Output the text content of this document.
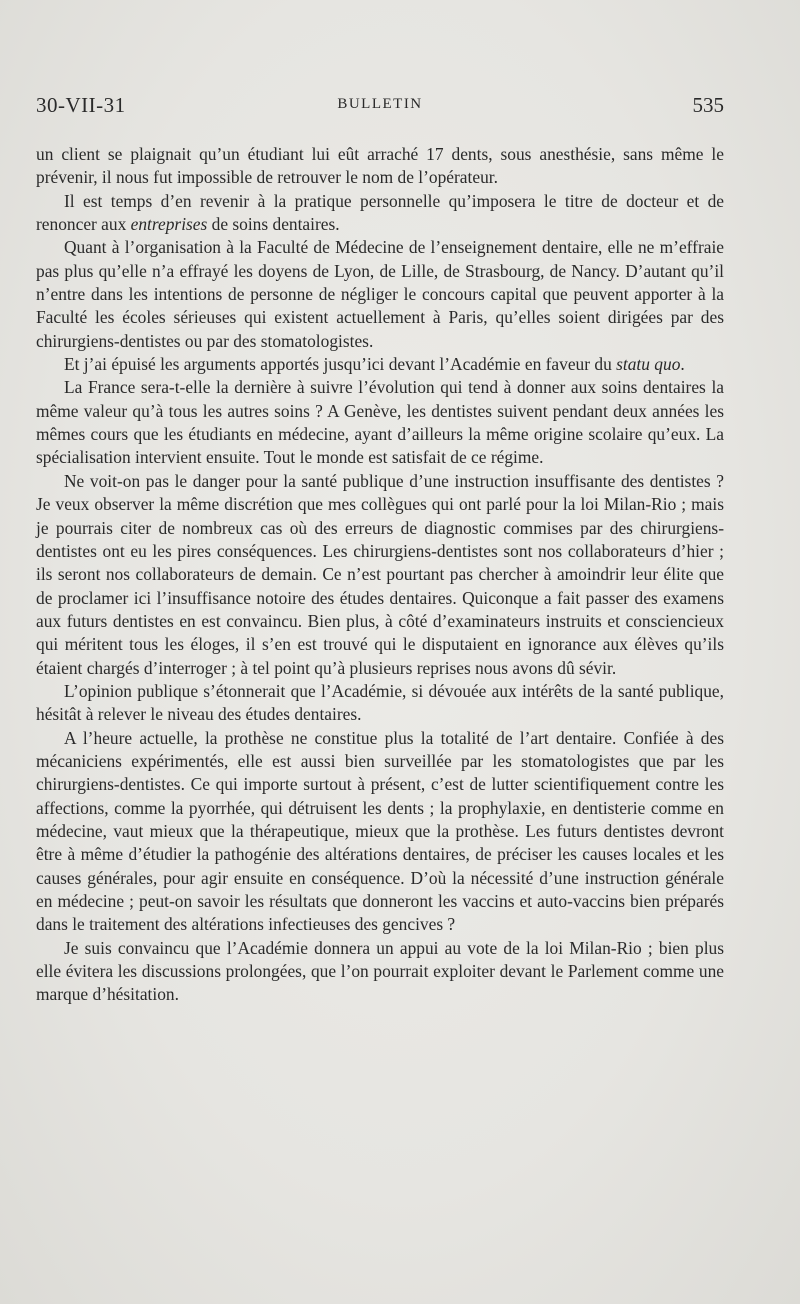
30-VII-31	BULLETIN	535

un client se plaignait qu’un étudiant lui eût arraché 17 dents, sous anesthésie, sans même le prévenir, il nous fut impossible de retrouver le nom de l’opérateur.

Il est temps d’en revenir à la pratique personnelle qu’imposera le titre de docteur et de renoncer aux entreprises de soins dentaires.

Quant à l’organisation à la Faculté de Médecine de l’enseignement dentaire, elle ne m’effraie pas plus qu’elle n’a effrayé les doyens de Lyon, de Lille, de Strasbourg, de Nancy. D’autant qu’il n’entre dans les intentions de personne de négliger le concours capital que peuvent apporter à la Faculté les écoles sérieuses qui existent actuellement à Paris, qu’elles soient dirigées par des chirurgiens-dentistes ou par des stomatologistes.

Et j’ai épuisé les arguments apportés jusqu’ici devant l’Académie en faveur du statu quo.

La France sera-t-elle la dernière à suivre l’évolution qui tend à donner aux soins dentaires la même valeur qu’à tous les autres soins ? A Genève, les dentistes suivent pendant deux années les mêmes cours que les étudiants en médecine, ayant d’ailleurs la même origine scolaire qu’eux. La spécialisation intervient ensuite. Tout le monde est satisfait de ce régime.

Ne voit-on pas le danger pour la santé publique d’une instruction insuffisante des dentistes ? Je veux observer la même discrétion que mes collègues qui ont parlé pour la loi Milan-Rio ; mais je pourrais citer de nombreux cas où des erreurs de diagnostic commises par des chirurgiens-dentistes ont eu les pires conséquences. Les chirurgiens-dentistes sont nos collaborateurs d’hier ; ils seront nos collaborateurs de demain. Ce n’est pourtant pas chercher à amoindrir leur élite que de proclamer ici l’insuffisance notoire des études dentaires. Quiconque a fait passer des examens aux futurs dentistes en est convaincu. Bien plus, à côté d’examinateurs instruits et consciencieux qui méritent tous les éloges, il s’en est trouvé qui le disputaient en ignorance aux élèves qu’ils étaient chargés d’interroger ; à tel point qu’à plusieurs reprises nous avons dû sévir.

L’opinion publique s’étonnerait que l’Académie, si dévouée aux intérêts de la santé publique, hésitât à relever le niveau des études dentaires.

A l’heure actuelle, la prothèse ne constitue plus la totalité de l’art dentaire. Confiée à des mécaniciens expérimentés, elle est aussi bien surveillée par les stomatologistes que par les chirurgiens-dentistes. Ce qui importe surtout à présent, c’est de lutter scientifiquement contre les affections, comme la pyorrhée, qui détruisent les dents ; la prophylaxie, en dentisterie comme en médecine, vaut mieux que la thérapeutique, mieux que la prothèse. Les futurs dentistes devront être à même d’étudier la pathogénie des altérations dentaires, de préciser les causes locales et les causes générales, pour agir ensuite en conséquence. D’où la nécessité d’une instruction générale en médecine ; peut-on savoir les résultats que donneront les vaccins et auto-vaccins bien préparés dans le traitement des altérations infectieuses des gencives ?

Je suis convaincu que l’Académie donnera un appui au vote de la loi Milan-Rio ; bien plus elle évitera les discussions prolongées, que l’on pourrait exploiter devant le Parlement comme une marque d’hésitation.
